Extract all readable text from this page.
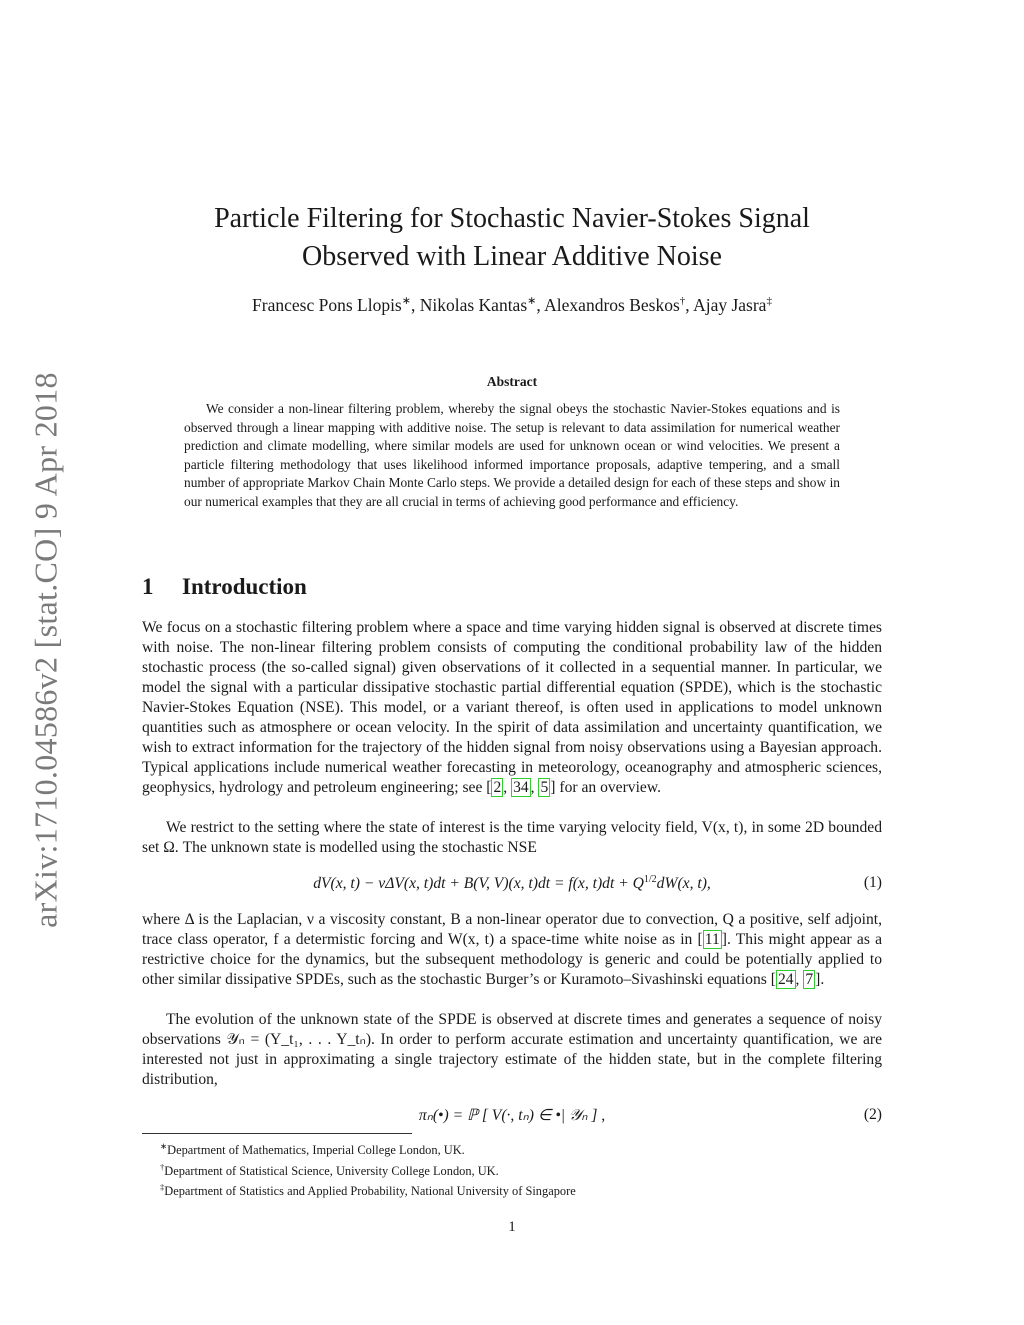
arXiv:1710.04586v2 [stat.CO] 9 Apr 2018
Particle Filtering for Stochastic Navier-Stokes Signal
Observed with Linear Additive Noise
Francesc Pons Llopis∗, Nikolas Kantas∗, Alexandros Beskos†, Ajay Jasra‡
Abstract

We consider a non-linear filtering problem, whereby the signal obeys the stochastic Navier-Stokes equations and is observed through a linear mapping with additive noise. The setup is relevant to data assimilation for numerical weather prediction and climate modelling, where similar models are used for unknown ocean or wind velocities. We present a particle filtering methodology that uses likelihood informed importance proposals, adaptive tempering, and a small number of appropriate Markov Chain Monte Carlo steps. We provide a detailed design for each of these steps and show in our numerical examples that they are all crucial in terms of achieving good performance and efficiency.

1 Introduction

We focus on a stochastic filtering problem where a space and time varying hidden signal is observed at discrete times with noise. The non-linear filtering problem consists of computing the conditional probability law of the hidden stochastic process (the so-called signal) given observations of it collected in a sequential manner. In particular, we model the signal with a particular dissipative stochastic partial differential equation (SPDE), which is the stochastic Navier-Stokes Equation (NSE). This model, or a variant thereof, is often used in applications to model unknown quantities such as atmosphere or ocean velocity. In the spirit of data assimilation and uncertainty quantification, we wish to extract information for the trajectory of the hidden signal from noisy observations using a Bayesian approach. Typical applications include numerical weather forecasting in meteorology, oceanography and atmospheric sciences, geophysics, hydrology and petroleum engineering; see [ 2 , 34 , 5 ] for an overview.

We restrict to the setting where the state of interest is the time varying velocity field, V(x, t), in some 2D bounded set Ω. The unknown state is modelled using the stochastic NSE

dV(x, t) − νΔV(x, t)dt + B(V, V)(x, t)dt = f(x, $t)dt + Q^{1/2}dW(x$, t),	(1)

where Δ is the Laplacian, ν a viscosity constant, B a non-linear operator due to convection, Q a positive, self adjoint, trace class operator, f a determistic forcing and W(x, t) a space-time white noise as in [ 11 ]. This might appear as a restrictive choice for the dynamics, but the subsequent methodology is generic and could be potentially applied to other similar dissipative SPDEs, such as the stochastic Burger’s or Kuramoto–Sivashinski equations [ 24 , 7 ].

The evolution of the unknown state of the SPDE is observed at discrete times and generates a sequence of noisy observations 𝒴ₙ = (Y_t₁, . . . Y_tₙ). In order to perform accurate estimation and uncertainty quantification, we are interested not just in approximating a single trajectory estimate of the hidden state, but in the complete filtering distribution,

πₙ(•) = ℙ [ V(·, tₙ) ∈ •| 𝒴ₙ ] ,	(2)
∗Department of Mathematics, Imperial College London, UK.
†Department of Statistical Science, University College London, UK.
‡Department of Statistics and Applied Probability, National University of Singapore
1
